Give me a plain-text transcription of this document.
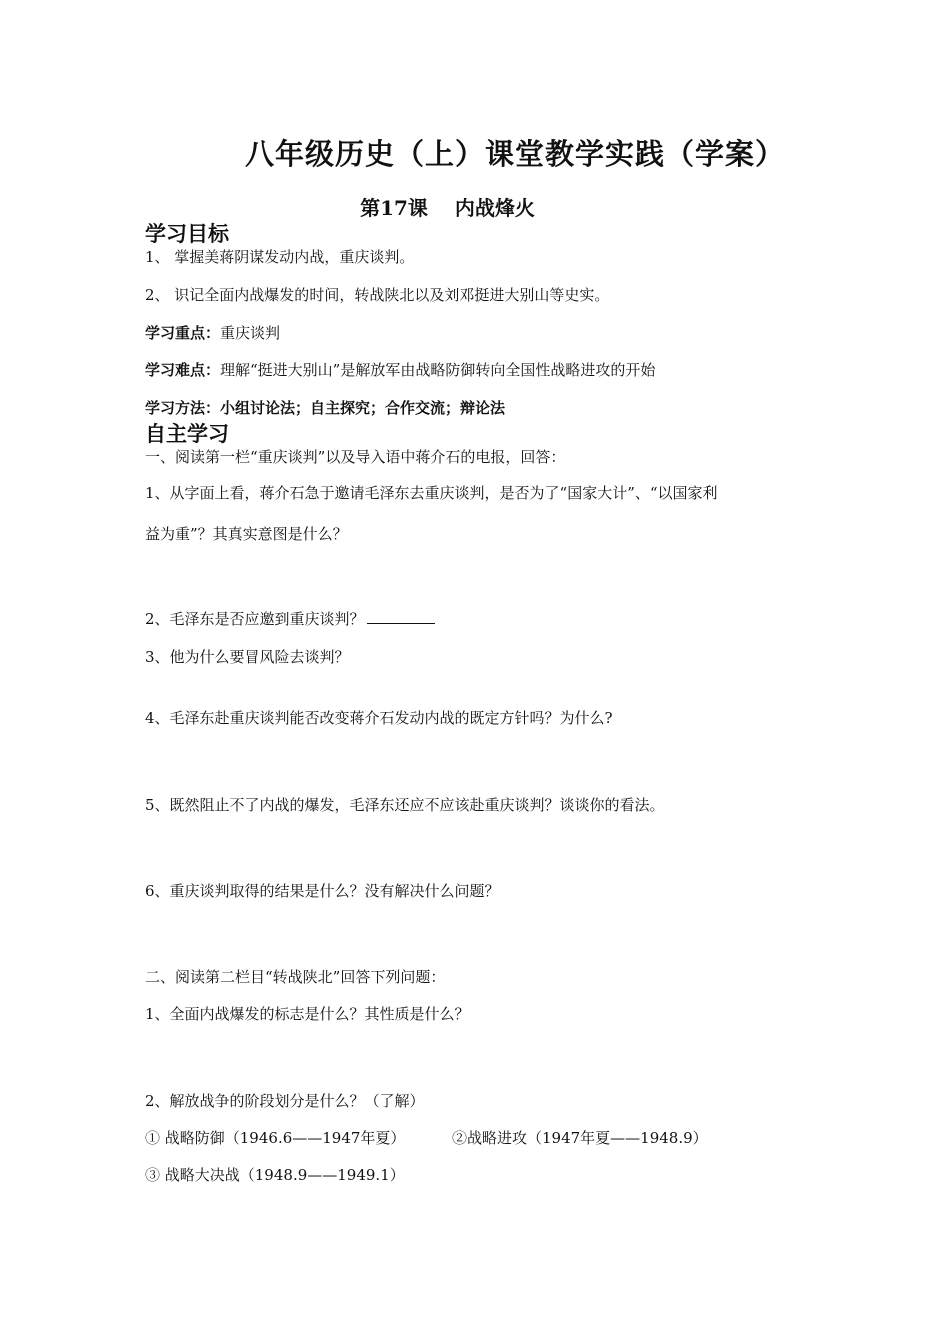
八年级历史（上）课堂教学实践（学案）
第17课　 内战烽火
学习目标
1、 掌握美蒋阴谋发动内战，重庆谈判。
2、 识记全面内战爆发的时间，转战陕北以及刘邓挺进大别山等史实。
学习重点：重庆谈判
学习难点：理解“挺进大别山”是解放军由战略防御转向全国性战略进攻的开始
学习方法：小组讨论法；自主探究；合作交流；辩论法
自主学习
一、阅读第一栏“重庆谈判”以及导入语中蒋介石的电报，回答：
1、从字面上看，蒋介石急于邀请毛泽东去重庆谈判，是否为了“国家大计”、“以国家利
益为重”？其真实意图是什么？
2、毛泽东是否应邀到重庆谈判？
3、他为什么要冒风险去谈判？
4、毛泽东赴重庆谈判能否改变蒋介石发动内战的既定方针吗？为什么?
5、既然阻止不了内战的爆发，毛泽东还应不应该赴重庆谈判？谈谈你的看法。
6、重庆谈判取得的结果是什么？没有解决什么问题？
二、阅读第二栏目“转战陕北”回答下列问题：
1、全面内战爆发的标志是什么？其性质是什么？
2、解放战争的阶段划分是什么？（了解）
① 战略防御（1946.6——1947年夏）	②战略进攻（1947年夏——1948.9）
③ 战略大决战（1948.9——1949.1）
